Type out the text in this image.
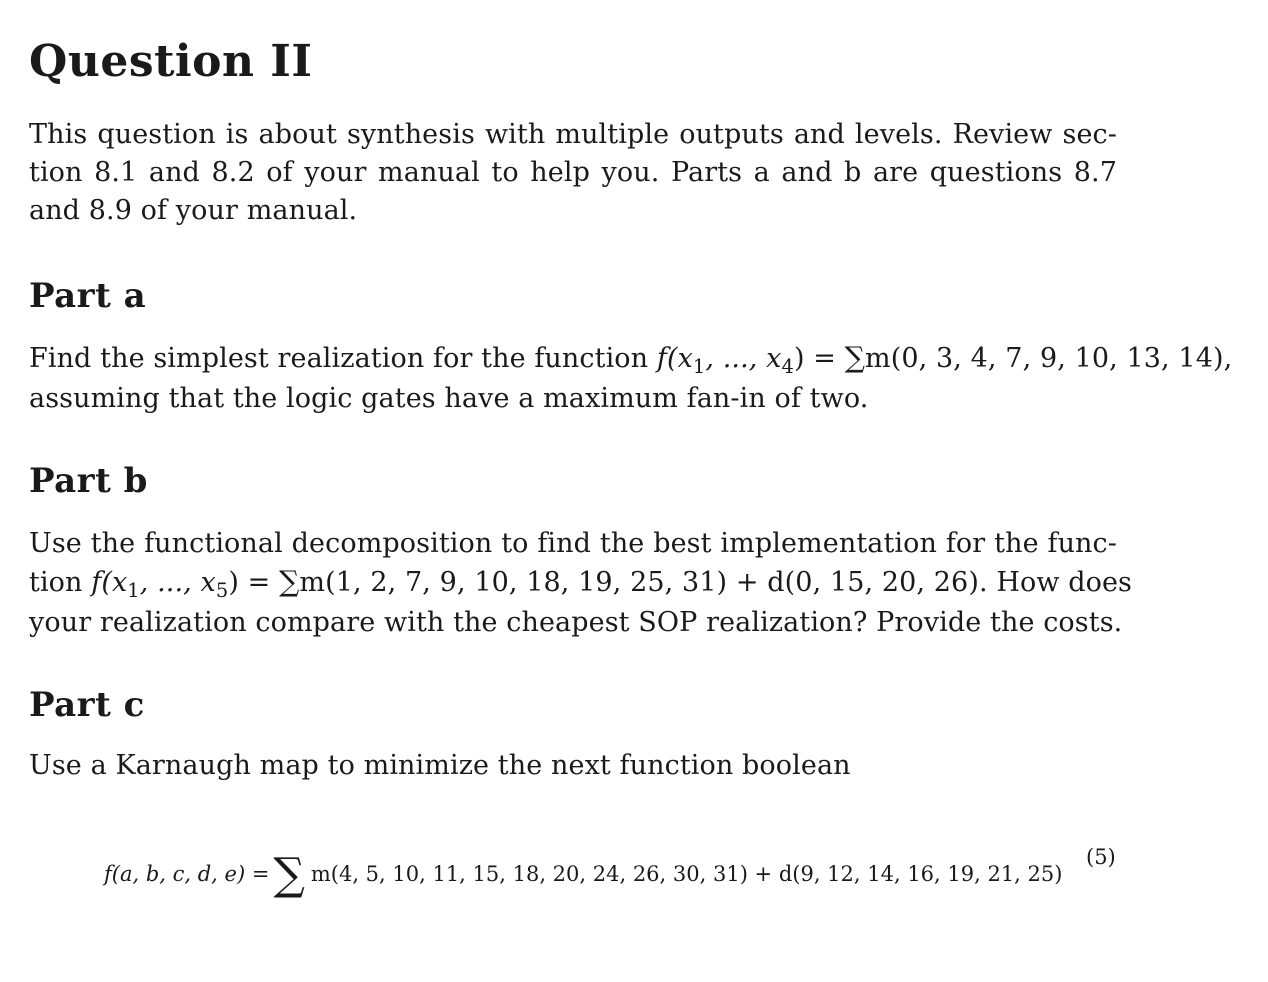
Question II
This question is about synthesis with multiple outputs and levels. Review sec-
tion 8.1 and 8.2 of your manual to help you. Parts a and b are questions 8.7
and 8.9 of your manual.
Part a
Find the simplest realization for the function $f(x_1$, ..., $x_4) = \sum m(0$, 3, 4, 7, 9, 10, 13, 14),
assuming that the logic gates have a maximum fan-in of two.
Part b
Use the functional decomposition to find the best implementation for the func-
tion $f(x_1$, ..., $x_5) = \sum m(1$, 2, 7, 9, 10, 18, 19, 25, 31) + d(0, 15, 20, 26). How does
your realization compare with the cheapest SOP realization? Provide the costs.
Part c
Use a Karnaugh map to minimize the next function boolean
f(a, b, c, d, e) =∑ m(4, 5, 10, 11, 15, 18, 20, 24, 26, 30, 31) + d(9, 12, 14, 16, 19, 21, 25)
(5)
